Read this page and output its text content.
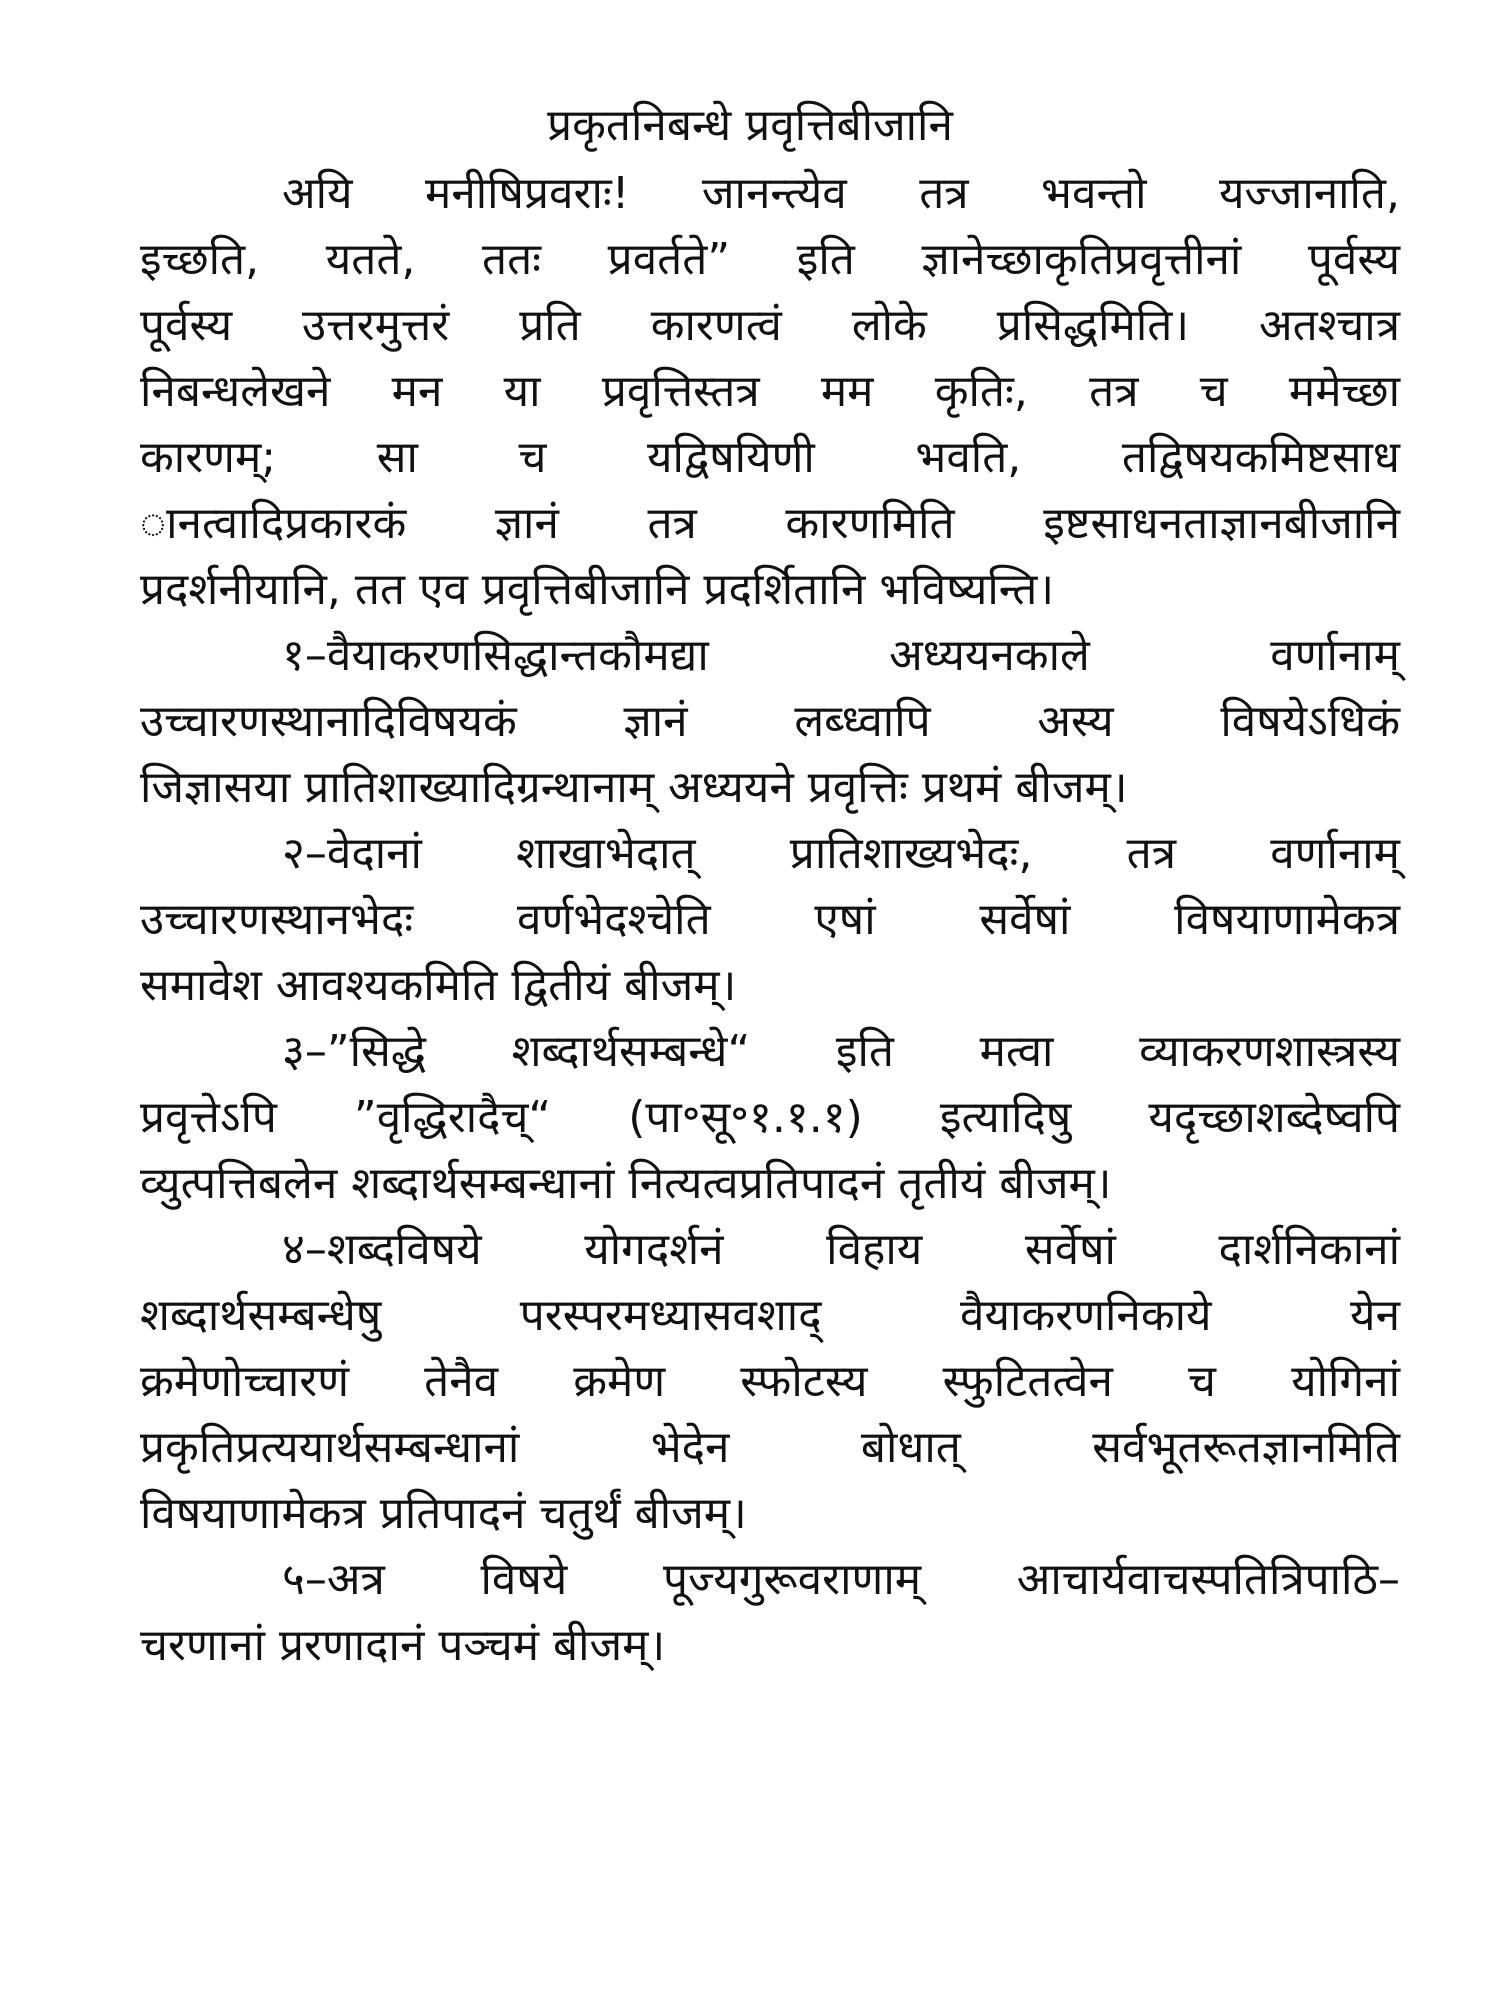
प्रकृतनिबन्धे प्रवृत्तिबीजानि
अयि मनीषिप्रवराः! जानन्त्येव तत्र भवन्तो यज्जानाति,
इच्छति, यतते, ततः प्रवर्तते” इति ज्ञानेच्छाकृतिप्रवृत्तीनां पूर्वस्य
पूर्वस्य उत्तरमुत्तरं प्रति कारणत्वं लोके प्रसिद्धमिति। अतश्चात्र
निबन्धलेखने मन या प्रवृत्तिस्तत्र मम कृतिः, तत्र च ममेच्छा
कारणम्; सा च यद्विषयिणी भवति, तद्विषयकमिष्टसाध
ानत्वादिप्रकारकं ज्ञानं तत्र कारणमिति इष्टसाधनताज्ञानबीजानि
प्रदर्शनीयानि, तत एव प्रवृत्तिबीजानि प्रदर्शितानि भविष्यन्ति।
१–वैयाकरणसिद्धान्तकौमद्या अध्ययनकाले वर्णानाम्
उच्चारणस्थानादिविषयकं ज्ञानं लब्ध्वापि अस्य विषयेऽधिकं
जिज्ञासया प्रातिशाख्यादिग्रन्थानाम् अध्ययने प्रवृत्तिः प्रथमं बीजम्।
२–वेदानां शाखाभेदात् प्रातिशाख्यभेदः, तत्र वर्णानाम्
उच्चारणस्थानभेदः वर्णभेदश्चेति एषां सर्वेषां विषयाणामेकत्र
समावेश आवश्यकमिति द्वितीयं बीजम्।
३–”सिद्धे शब्दार्थसम्बन्धे“ इति मत्वा व्याकरणशास्त्रस्य
प्रवृत्तेऽपि ”वृद्धिरादैच्“ (पा॰सू॰१.१.१) इत्यादिषु यदृच्छाशब्देष्वपि
व्युत्पत्तिबलेन शब्दार्थसम्बन्धानां नित्यत्वप्रतिपादनं तृतीयं बीजम्।
४–शब्दविषये योगदर्शनं विहाय सर्वेषां दार्शनिकानां
शब्दार्थसम्बन्धेषु परस्परमध्यासवशाद् वैयाकरणनिकाये येन
क्रमेणोच्चारणं तेनैव क्रमेण स्फोटस्य स्फुटितत्वेन च योगिनां
प्रकृतिप्रत्ययार्थसम्बन्धानां भेदेन बोधात् सर्वभूतरूतज्ञानमिति
विषयाणामेकत्र प्रतिपादनं चतुर्थं बीजम्।
५–अत्र विषये पूज्यगुरूवराणाम् आचार्यवाचस्पतित्रिपाठि–
चरणानां प्ररणादानं पञ्चमं बीजम्।
